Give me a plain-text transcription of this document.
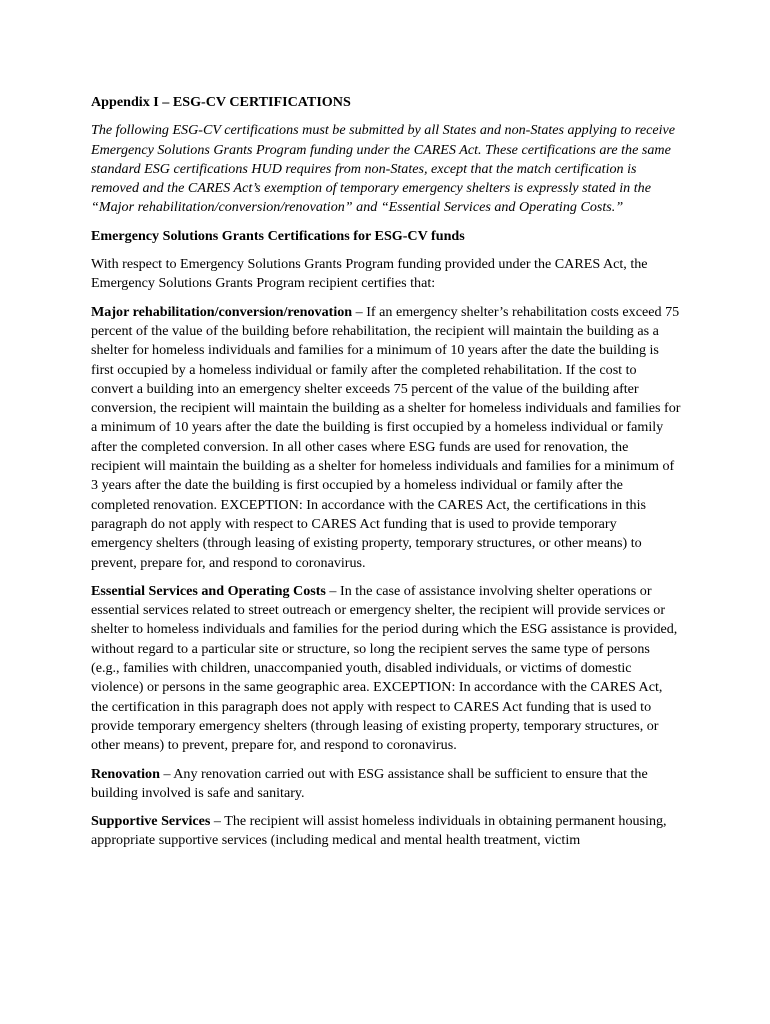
Appendix I – ESG-CV CERTIFICATIONS
The following ESG-CV certifications must be submitted by all States and non-States applying to receive Emergency Solutions Grants Program funding under the CARES Act. These certifications are the same standard ESG certifications HUD requires from non-States, except that the match certification is removed and the CARES Act’s exemption of temporary emergency shelters is expressly stated in the “Major rehabilitation/conversion/renovation” and “Essential Services and Operating Costs.”
Emergency Solutions Grants Certifications for ESG-CV funds

With respect to Emergency Solutions Grants Program funding provided under the CARES Act, the Emergency Solutions Grants Program recipient certifies that:

Major rehabilitation/conversion/renovation – If an emergency shelter’s rehabilitation costs exceed 75 percent of the value of the building before rehabilitation, the recipient will maintain the building as a shelter for homeless individuals and families for a minimum of 10 years after the date the building is first occupied by a homeless individual or family after the completed rehabilitation. If the cost to convert a building into an emergency shelter exceeds 75 percent of the value of the building after conversion, the recipient will maintain the building as a shelter for homeless individuals and families for a minimum of 10 years after the date the building is first occupied by a homeless individual or family after the completed conversion. In all other cases where ESG funds are used for renovation, the recipient will maintain the building as a shelter for homeless individuals and families for a minimum of 3 years after the date the building is first occupied by a homeless individual or family after the completed renovation. EXCEPTION: In accordance with the CARES Act, the certifications in this paragraph do not apply with respect to CARES Act funding that is used to provide temporary emergency shelters (through leasing of existing property, temporary structures, or other means) to prevent, prepare for, and respond to coronavirus.

Essential Services and Operating Costs – In the case of assistance involving shelter operations or essential services related to street outreach or emergency shelter, the recipient will provide services or shelter to homeless individuals and families for the period during which the ESG assistance is provided, without regard to a particular site or structure, so long the recipient serves the same type of persons (e.g., families with children, unaccompanied youth, disabled individuals, or victims of domestic violence) or persons in the same geographic area. EXCEPTION: In accordance with the CARES Act, the certification in this paragraph does not apply with respect to CARES Act funding that is used to provide temporary emergency shelters (through leasing of existing property, temporary structures, or other means) to prevent, prepare for, and respond to coronavirus.

Renovation – Any renovation carried out with ESG assistance shall be sufficient to ensure that the building involved is safe and sanitary.

Supportive Services – The recipient will assist homeless individuals in obtaining permanent housing, appropriate supportive services (including medical and mental health treatment, victim
